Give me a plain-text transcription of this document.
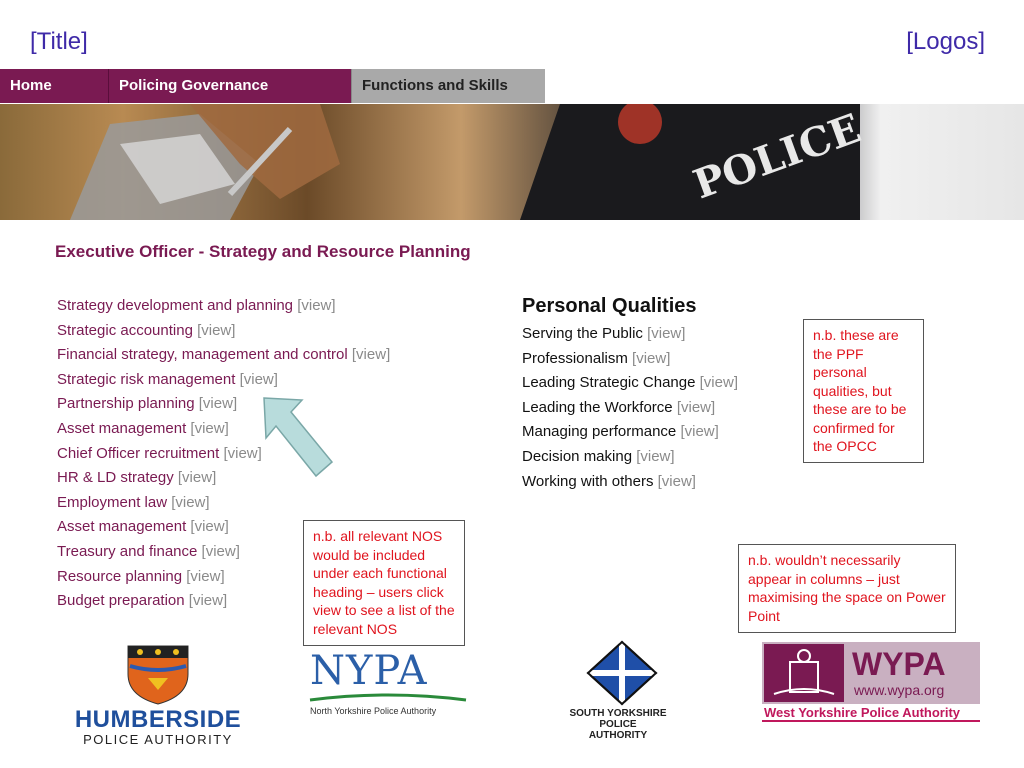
[Title]	[Logos]
Home	Policing Governance	Functions and Skills
POLICE
Executive Officer - Strategy and Resource Planning
Strategy development and planning [view]
Strategic accounting [view]
Financial strategy, management and control [view]
Strategic risk management [view]
Partnership planning [view]
Asset management [view]
Chief Officer recruitment [view]
HR & LD strategy [view]
Employment law [view]
Asset management [view]
Treasury and finance [view]
Resource planning [view]
Budget preparation [view]
Personal Qualities
Serving the Public [view]
Professionalism [view]
Leading Strategic Change [view]
Leading the Workforce [view]
Managing performance [view]
Decision making [view]
Working with others [view]
n.b. these are the PPF personal qualities, but these are to be confirmed for the OPCC
n.b. all relevant NOS would be included under each functional heading – users click view to see a list of the relevant NOS
n.b. wouldn’t necessarily appear in columns – just maximising the space on Power Point
HUMBERSIDE
POLICE AUTHORITY
NYPA
North Yorkshire Police Authority	SOUTH YORKSHIRE
POLICE
AUTHORITY
WYPA
www.wypa.org
West Yorkshire Police Authority
